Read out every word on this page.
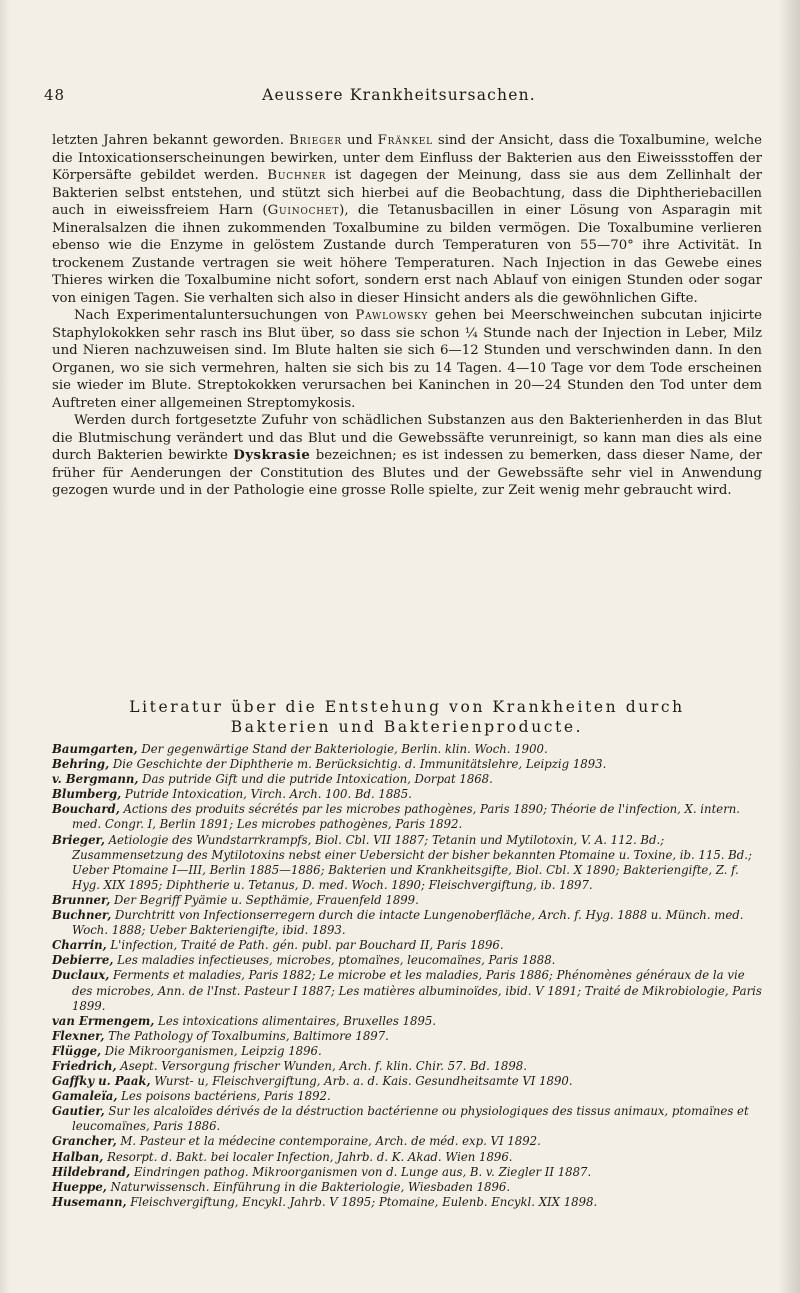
48	Aeussere Krankheitsursachen.

letzten Jahren bekannt geworden. Brieger und Fränkel sind der Ansicht, dass die Toxalbumine, welche die Intoxicationserscheinungen bewirken, unter dem Einfluss der Bakterien aus den Eiweissstoffen der Körpersäfte gebildet werden. Buchner ist dagegen der Meinung, dass sie aus dem Zellinhalt der Bakterien selbst entstehen, und stützt sich hierbei auf die Beobachtung, dass die Diphtheriebacillen auch in eiweissfreiem Harn (Guinochet), die Tetanusbacillen in einer Lösung von Asparagin mit Mineralsalzen die ihnen zukommenden Toxalbumine zu bilden vermögen. Die Toxalbumine verlieren ebenso wie die Enzyme in gelöstem Zustande durch Temperaturen von 55—70° ihre Activität. In trockenem Zustande vertragen sie weit höhere Temperaturen. Nach Injection in das Gewebe eines Thieres wirken die Toxalbumine nicht sofort, sondern erst nach Ablauf von einigen Stunden oder sogar von einigen Tagen. Sie verhalten sich also in dieser Hinsicht anders als die gewöhnlichen Gifte.

Nach Experimentaluntersuchungen von Pawlowsky gehen bei Meerschweinchen subcutan injicirte Staphylokokken sehr rasch ins Blut über, so dass sie schon ¼ Stunde nach der Injection in Leber, Milz und Nieren nachzuweisen sind. Im Blute halten sie sich 6—12 Stunden und verschwinden dann. In den Organen, wo sie sich vermehren, halten sie sich bis zu 14 Tagen. 4—10 Tage vor dem Tode erscheinen sie wieder im Blute. Streptokokken verursachen bei Kaninchen in 20—24 Stunden den Tod unter dem Auftreten einer allgemeinen Streptomykosis.

Werden durch fortgesetzte Zufuhr von schädlichen Substanzen aus den Bakterienherden in das Blut die Blutmischung verändert und das Blut und die Gewebssäfte verunreinigt, so kann man dies als eine durch Bakterien bewirkte Dyskrasie bezeichnen; es ist indessen zu bemerken, dass dieser Name, der früher für Aenderungen der Constitution des Blutes und der Gewebssäfte sehr viel in Anwendung gezogen wurde und in der Pathologie eine grosse Rolle spielte, zur Zeit wenig mehr gebraucht wird.

Literatur über die Entstehung von Krankheiten durch
Bakterien und Bakterienproducte.

Baumgarten, Der gegenwärtige Stand der Bakteriologie, Berlin. klin. Woch. 1900.

Behring, Die Geschichte der Diphtherie m. Berücksichtig. d. Immunitätslehre, Leipzig 1893.

v. Bergmann, Das putride Gift und die putride Intoxication, Dorpat 1868.

Blumberg, Putride Intoxication, Virch. Arch. 100. Bd. 1885.

Bouchard, Actions des produits sécrétés par les microbes pathogènes, Paris 1890; Théorie de l'infection, X. intern. med. Congr. I, Berlin 1891; Les microbes pathogènes, Paris 1892.

Brieger, Aetiologie des Wundstarrkrampfs, Biol. Cbl. VII 1887; Tetanin und Mytilotoxin, V. A. 112. Bd.; Zusammensetzung des Mytilotoxins nebst einer Uebersicht der bisher bekannten Ptomaine u. Toxine, ib. 115. Bd.; Ueber Ptomaine I—III, Berlin 1885—1886; Bakterien und Krankheitsgifte, Biol. Cbl. X 1890; Bakteriengifte, Z. f. Hyg. XIX 1895; Diphtherie u. Tetanus, D. med. Woch. 1890; Fleischvergiftung, ib. 1897.

Brunner, Der Begriff Pyämie u. Septhämie, Frauenfeld 1899.

Buchner, Durchtritt von Infectionserregern durch die intacte Lungenoberfläche, Arch. f. Hyg. 1888 u. Münch. med. Woch. 1888; Ueber Bakteriengifte, ibid. 1893.

Charrin, L'infection, Traité de Path. gén. publ. par Bouchard II, Paris 1896.

Debierre, Les maladies infectieuses, microbes, ptomaïnes, leucomaïnes, Paris 1888.

Duclaux, Ferments et maladies, Paris 1882; Le microbe et les maladies, Paris 1886; Phénomènes généraux de la vie des microbes, Ann. de l'Inst. Pasteur I 1887; Les matières albuminoïdes, ibid. V 1891; Traité de Mikrobiologie, Paris 1899.

van Ermengem, Les intoxications alimentaires, Bruxelles 1895.

Flexner, The Pathology of Toxalbumins, Baltimore 1897.

Flügge, Die Mikroorganismen, Leipzig 1896.

Friedrich, Asept. Versorgung frischer Wunden, Arch. f. klin. Chir. 57. Bd. 1898.

Gaffky u. Paak, Wurst- u, Fleischvergiftung, Arb. a. d. Kais. Gesundheitsamte VI 1890.

Gamaleïa, Les poisons bactériens, Paris 1892.

Gautier, Sur les alcaloïdes dérivés de la déstruction bactérienne ou physiologiques des tissus animaux, ptomaïnes et leucomaïnes, Paris 1886.

Grancher, M. Pasteur et la médecine contemporaine, Arch. de méd. exp. VI 1892.

Halban, Resorpt. d. Bakt. bei localer Infection, Jahrb. d. K. Akad. Wien 1896.

Hildebrand, Eindringen pathog. Mikroorganismen von d. Lunge aus, B. v. Ziegler II 1887.

Hueppe, Naturwissensch. Einführung in die Bakteriologie, Wiesbaden 1896.

Husemann, Fleischvergiftung, Encykl. Jahrb. V 1895; Ptomaine, Eulenb. Encykl. XIX 1898.
